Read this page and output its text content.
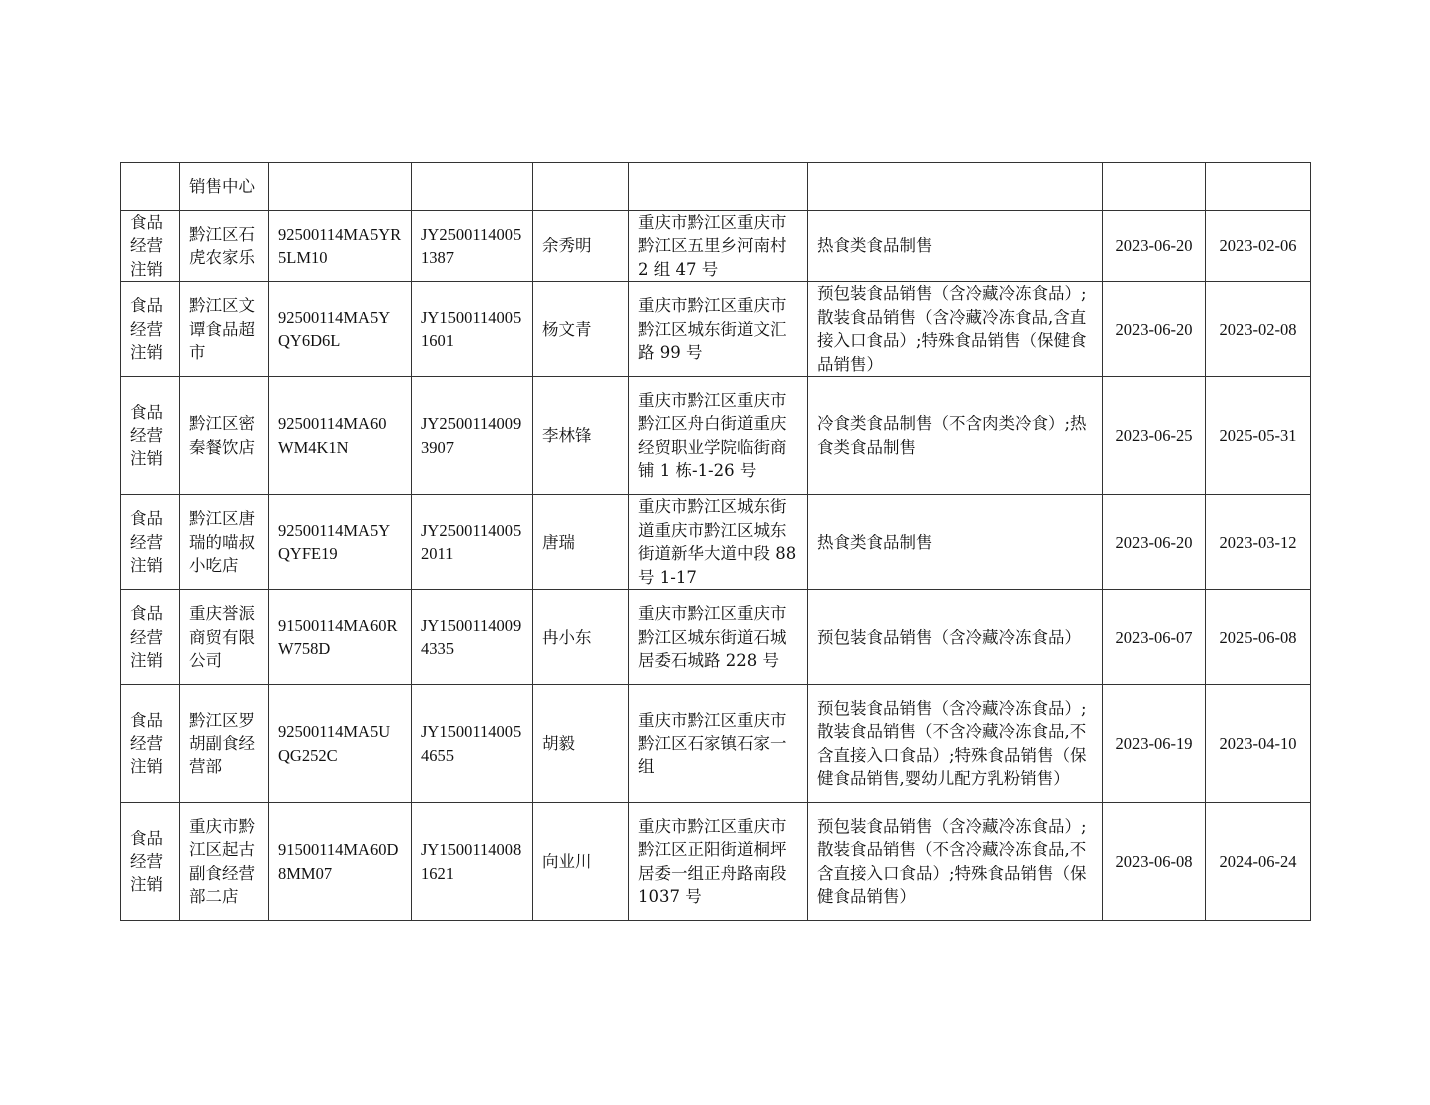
	销售中心							
食品经营注销	黔江区石虎农家乐	92500114MA5YR5LM10	JY25001140051387	余秀明	重庆市黔江区重庆市黔江区五里乡河南村 2 组 47 号	热食类食品制售	2023-06-20	2023-02-06
食品经营注销	黔江区文谭食品超市	92500114MA5YQY6D6L	JY15001140051601	杨文青	重庆市黔江区重庆市黔江区城东街道文汇路 99 号	预包装食品销售（含冷藏冷冻食品）;散装食品销售（含冷藏冷冻食品,含直接入口食品）;特殊食品销售（保健食品销售）	2023-06-20	2023-02-08
食品经营注销	黔江区密秦餐饮店	92500114MA60WM4K1N	JY25001140093907	李林锋	重庆市黔江区重庆市黔江区舟白街道重庆经贸职业学院临街商铺 1 栋-1-26 号	冷食类食品制售（不含肉类冷食）;热食类食品制售	2023-06-25	2025-05-31
食品经营注销	黔江区唐瑞的喵叔小吃店	92500114MA5YQYFE19	JY25001140052011	唐瑞	重庆市黔江区城东街道重庆市黔江区城东街道新华大道中段 88 号 1-17	热食类食品制售	2023-06-20	2023-03-12
食品经营注销	重庆誉浱商贸有限公司	91500114MA60RW758D	JY15001140094335	冉小东	重庆市黔江区重庆市黔江区城东街道石城居委石城路 228 号	预包装食品销售（含冷藏冷冻食品）	2023-06-07	2025-06-08
食品经营注销	黔江区罗胡副食经营部	92500114MA5UQG252C	JY15001140054655	胡毅	重庆市黔江区重庆市黔江区石家镇石家一组	预包装食品销售（含冷藏冷冻食品）;散装食品销售（不含冷藏冷冻食品,不含直接入口食品）;特殊食品销售（保健食品销售,婴幼儿配方乳粉销售）	2023-06-19	2023-04-10
食品经营注销	重庆市黔江区起古副食经营部二店	91500114MA60D8MM07	JY15001140081621	向业川	重庆市黔江区重庆市黔江区正阳街道桐坪居委一组正舟路南段 1037 号	预包装食品销售（含冷藏冷冻食品）;散装食品销售（不含冷藏冷冻食品,不含直接入口食品）;特殊食品销售（保健食品销售）	2023-06-08	2024-06-24
